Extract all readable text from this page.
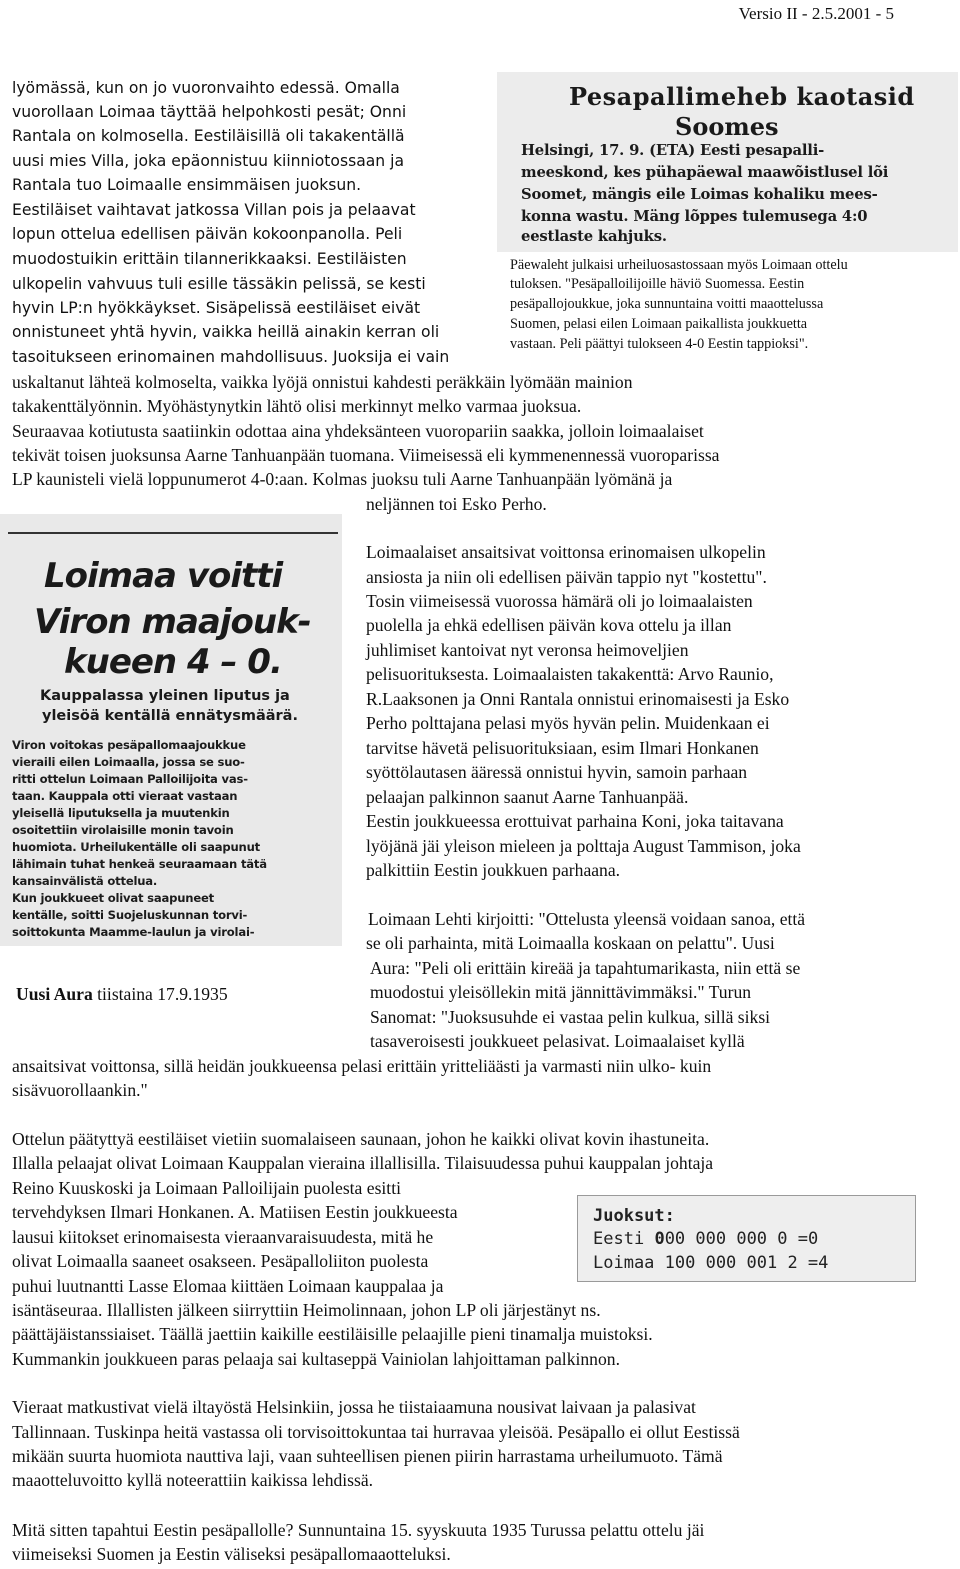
Versio II - 2.5.2001 - 5
lyömässä, kun on jo vuoronvaihto edessä. Omalla
vuorollaan Loimaa täyttää helpohkosti pesät; Onni
Rantala on kolmosella. Eestiläisillä oli takakentällä
uusi mies Villa, joka epäonnistuu kiinniotossaan ja
Rantala tuo Loimaalle ensimmäisen juoksun.
Eestiläiset vaihtavat jatkossa Villan pois ja pelaavat
lopun ottelua edellisen päivän kokoonpanolla. Peli
muodostuikin erittäin tilannerikkaaksi. Eestiläisten
ulkopelin vahvuus tuli esille tässäkin pelissä, se kesti
hyvin LP:n hyökkäykset. Sisäpelissä eestiläiset eivät
onnistuneet yhtä hyvin, vaikka heillä ainakin kerran oli
tasoitukseen erinomainen mahdollisuus. Juoksija ei vain
Pesapallimeheb kaotasid
Soomes
Helsingi, 17. 9. (ETA) Eesti pesapalli-
meeskond, kes pühapäewal maawõistlusel lõi
Soomet, mängis eile Loimas kohaliku mees-
konna wastu. Mäng lõppes tulemusega 4:0
eestlaste kahjuks.
Päewaleht julkaisi urheiluosastossaan myös Loimaan ottelu
tuloksen. "Pesäpalloilijoille häviö Suomessa. Eestin
pesäpallojoukkue, joka sunnuntaina voitti maaottelussa
Suomen, pelasi eilen Loimaan paikallista joukkuetta
vastaan. Peli päättyi tulokseen 4-0 Eestin tappioksi".
uskaltanut lähteä kolmoselta, vaikka lyöjä onnistui kahdesti peräkkäin lyömään mainion
takakenttälyönnin. Myöhästynytkin lähtö olisi merkinnyt melko varmaa juoksua.
Seuraavaa kotiutusta saatiinkin odottaa aina yhdeksänteen vuoropariin saakka, jolloin loimaalaiset
tekivät toisen juoksunsa Aarne Tanhuanpään tuomana. Viimeisessä eli kymmenennessä vuoroparissa
LP kaunisteli vielä loppunumerot 4-0:aan. Kolmas juoksu tuli Aarne Tanhuanpään lyömänä ja
neljännen toi Esko Perho.
Loimaa voitti
Viron maajouk-
kueen 4 – 0.
Kauppalassa yleinen liputus ja
yleisöä kentällä ennätysmäärä.
Viron voitokas pesäpallomaajoukkue
vieraili eilen Loimaalla, jossa se suo-
ritti ottelun Loimaan Palloilijoita vas-
taan. Kauppala otti vieraat vastaan
yleisellä liputuksella ja muutenkin
osoitettiin virolaisille monin tavoin
huomiota. Urheilukentälle oli saapunut
lähimain tuhat henkeä seuraamaan tätä
kansainvälistä ottelua.
Kun joukkueet olivat saapuneet
kentälle, soitti Suojeluskunnan torvi-
soittokunta Maamme-laulun ja virolai-
Uusi Aura tiistaina 17.9.1935
Loimaalaiset ansaitsivat voittonsa erinomaisen ulkopelin
ansiosta ja niin oli edellisen päivän tappio nyt "kostettu".
Tosin viimeisessä vuorossa hämärä oli jo loimaalaisten
puolella ja ehkä edellisen päivän kova ottelu ja illan
juhlimiset kantoivat nyt veronsa heimoveljien
pelisuorituksesta. Loimaalaisten takakenttä: Arvo Raunio,
R.Laaksonen ja Onni Rantala onnistui erinomaisesti ja Esko
Perho polttajana pelasi myös hyvän pelin. Muidenkaan ei
tarvitse hävetä pelisuorituksiaan, esim Ilmari Honkanen
syöttölautasen ääressä onnistui hyvin, samoin parhaan
pelaajan palkinnon saanut Aarne Tanhuanpää.
Eestin joukkueessa erottuivat parhaina Koni, joka taitavana
lyöjänä jäi yleison mieleen ja polttaja August Tammison, joka
palkittiin Eestin joukkuen parhaana.
Loimaan Lehti kirjoitti: "Ottelusta yleensä voidaan sanoa, että
se oli parhainta, mitä Loimaalla koskaan on pelattu". Uusi
Aura: "Peli oli erittäin kireää ja tapahtumarikasta, niin että se
muodostui yleisöllekin mitä jännittävimmäksi." Turun
Sanomat: "Juoksusuhde ei vastaa pelin kulkua, sillä siksi
tasaveroisesti joukkueet pelasivat. Loimaalaiset kyllä
ansaitsivat voittonsa, sillä heidän joukkueensa pelasi erittäin yritteliäästi ja varmasti niin ulko- kuin
sisävuorollaankin."
Ottelun päätyttyä eestiläiset vietiin suomalaiseen saunaan, johon he kaikki olivat kovin ihastuneita.
Illalla pelaajat olivat Loimaan Kauppalan vieraina illallisilla. Tilaisuudessa puhui kauppalan johtaja
Reino Kuuskoski ja Loimaan Palloilijain puolesta esitti
tervehdyksen Ilmari Honkanen. A. Matiisen Eestin joukkueesta
lausui kiitokset erinomaisesta vieraanvaraisuudesta, mitä he
olivat Loimaalla saaneet osakseen. Pesäpalloliiton puolesta
puhui luutnantti Lasse Elomaa kiittäen Loimaan kauppalaa ja
isäntäseuraa. Illallisten jälkeen siirryttiin Heimolinnaan, johon LP oli järjestänyt ns.
päättäjäistanssiaiset. Täällä jaettiin kaikille eestiläisille pelaajille pieni tinamalja muistoksi.
Kummankin joukkueen paras pelaaja sai kultaseppä Vainiolan lahjoittaman palkinnon.
Juoksut:
Eesti 000 000 000 0 =0
Loimaa 100 000 001 2 =4
Vieraat matkustivat vielä iltayöstä Helsinkiin, jossa he tiistaiaamuna nousivat laivaan ja palasivat
Tallinnaan. Tuskinpa heitä vastassa oli torvisoittokuntaa tai hurravaa yleisöä. Pesäpallo ei ollut Eestissä
mikään suurta huomiota nauttiva laji, vaan suhteellisen pienen piirin harrastama urheilumuoto. Tämä
maaotteluvoitto kyllä noteerattiin kaikissa lehdissä.
Mitä sitten tapahtui Eestin pesäpallolle? Sunnuntaina 15. syyskuuta 1935 Turussa pelattu ottelu jäi
viimeiseksi Suomen ja Eestin väliseksi pesäpallomaaotteluksi.
